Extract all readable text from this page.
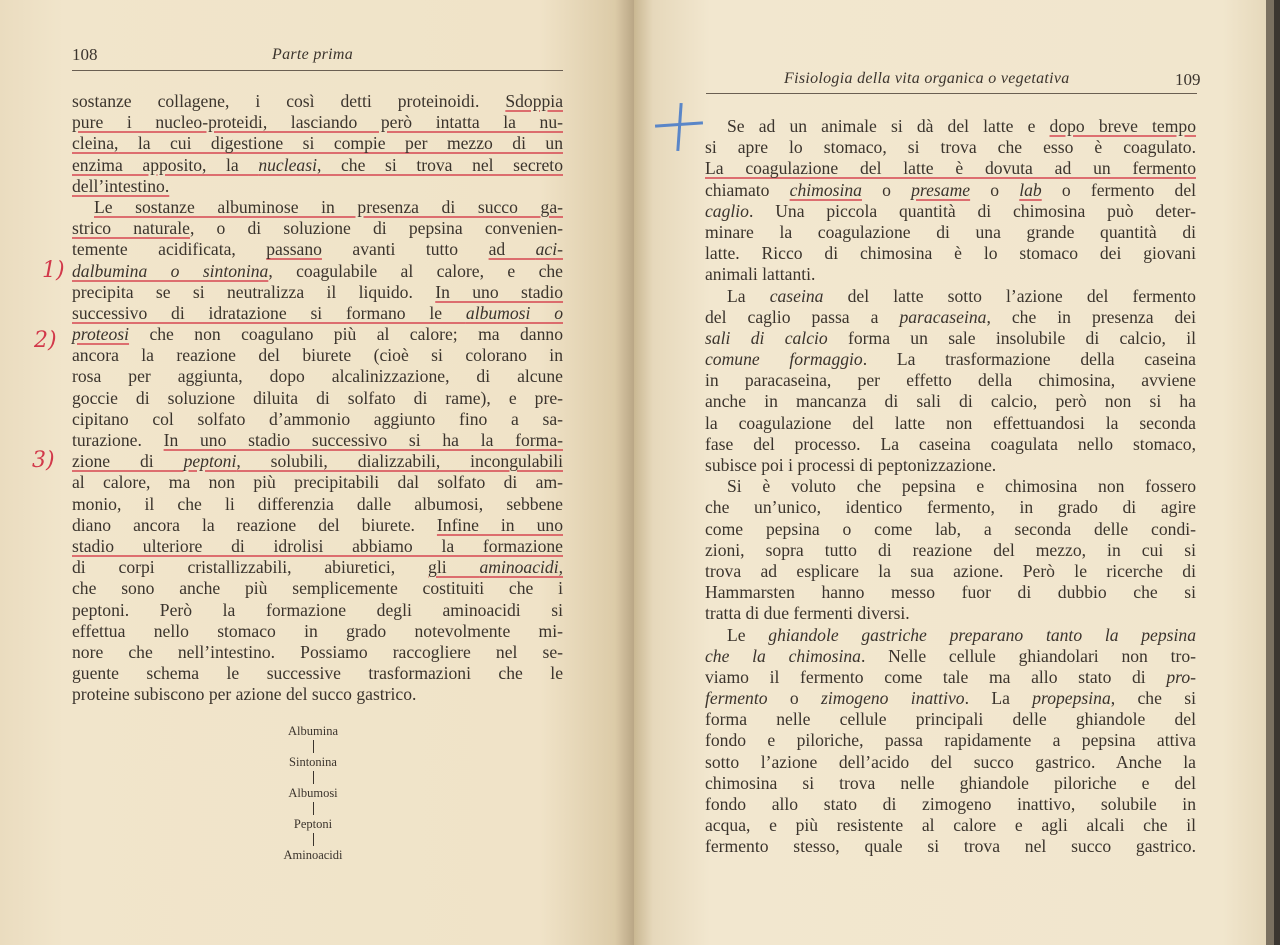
108	Parte prima
sostanze collagene, i così detti proteinoidi. Sdoppia
pure i nucleo-proteidi, lasciando però intatta la nu-
cleina, la cui digestione si compie per mezzo di un
enzima apposito, la nucleasi, che si trova nel secreto
dell’intestino.
Le sostanze albuminose in presenza di succo ga-
strico naturale, o di soluzione di pepsina convenien-
temente acidificata, passano avanti tutto ad aci-
dalbumina o sintonina, coagulabile al calore, e che
precipita se si neutralizza il liquido. In uno stadio
successivo di idratazione si formano le albumosi o
proteosi che non coagulano più al calore; ma danno
ancora la reazione del biurete (cioè si colorano in
rosa per aggiunta, dopo alcalinizzazione, di alcune
goccie di soluzione diluita di solfato di rame), e pre-
cipitano col solfato d’ammonio aggiunto fino a sa-
turazione. In uno stadio successivo si ha la forma-
zione di peptoni, solubili, dializzabili, incongulabili
al calore, ma non più precipitabili dal solfato di am-
monio, il che li differenzia dalle albumosi, sebbene
diano ancora la reazione del biurete. Infine in uno
stadio ulteriore di idrolisi abbiamo la formazione
di corpi cristallizzabili, abiuretici, gli aminoacidi,
che sono anche più semplicemente costituiti che i
peptoni. Però la formazione degli aminoacidi si
effettua nello stomaco in grado notevolmente mi-
nore che nell’intestino. Possiamo raccogliere nel se-
guente schema le successive trasformazioni che le
proteine subiscono per azione del succo gastrico.
Albumina
Sintonina
Albumosi
Peptoni
Aminoacidi
1)
2)
3)
Fisiologia della vita organica o vegetativa	109
Se ad un animale si dà del latte e dopo breve tempo
si apre lo stomaco, si trova che esso è coagulato.
La coagulazione del latte è dovuta ad un fermento
chiamato chimosina o presame o lab o fermento del
caglio. Una piccola quantità di chimosina può deter-
minare la coagulazione di una grande quantità di
latte. Ricco di chimosina è lo stomaco dei giovani
animali lattanti.
La caseina del latte sotto l’azione del fermento
del caglio passa a paracaseina, che in presenza dei
sali di calcio forma un sale insolubile di calcio, il
comune formaggio. La trasformazione della caseina
in paracaseina, per effetto della chimosina, avviene
anche in mancanza di sali di calcio, però non si ha
la coagulazione del latte non effettuandosi la seconda
fase del processo. La caseina coagulata nello stomaco,
subisce poi i processi di peptonizzazione.
Si è voluto che pepsina e chimosina non fossero
che un’unico, identico fermento, in grado di agire
come pepsina o come lab, a seconda delle condi-
zioni, sopra tutto di reazione del mezzo, in cui si
trova ad esplicare la sua azione. Però le ricerche di
Hammarsten hanno messo fuor di dubbio che si
tratta di due fermenti diversi.
Le ghiandole gastriche preparano tanto la pepsina
che la chimosina. Nelle cellule ghiandolari non tro-
viamo il fermento come tale ma allo stato di pro-
fermento o zimogeno inattivo. La propepsina, che si
forma nelle cellule principali delle ghiandole del
fondo e piloriche, passa rapidamente a pepsina attiva
sotto l’azione dell’acido del succo gastrico. Anche la
chimosina si trova nelle ghiandole piloriche e del
fondo allo stato di zimogeno inattivo, solubile in
acqua, e più resistente al calore e agli alcali che il
fermento stesso, quale si trova nel succo gastrico.
